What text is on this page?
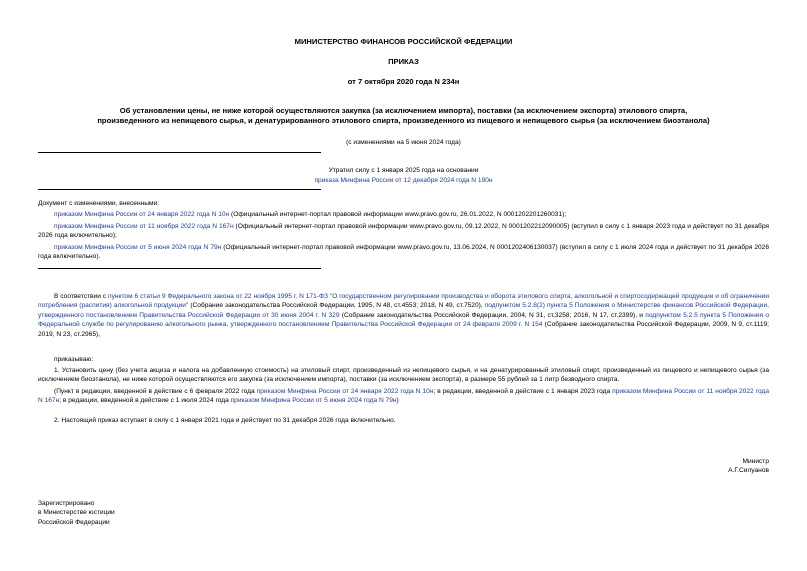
МИНИСТЕРСТВО ФИНАНСОВ РОССИЙСКОЙ ФЕДЕРАЦИИ
ПРИКАЗ
от 7 октября 2020 года N 234н
Об установлении цены, не ниже которой осуществляются закупка (за исключением импорта), поставки (за исключением экспорта) этилового спирта,
произведенного из непищевого сырья, и денатурированного этилового спирта, произведенного из пищевого и непищевого сырья (за исключением биоэтанола)
(с изменениями на 5 июня 2024 года)
Утратил силу с 1 января 2025 года на основании
приказа Минфина России от 12 декабря 2024 года N 190н
Документ с изменениями, внесенными:
приказом Минфина России от 24 января 2022 года N 10н (Официальный интернет-портал правовой информации www.pravo.gov.ru, 26.01.2022, N 0001202201260031);
приказом Минфина России от 11 ноября 2022 года N 167н (Официальный интернет-портал правовой информации www.pravo.gov.ru, 09.12.2022, N 0001202212090005) (вступил в силу с 1 января 2023 года и действует по 31 декабря 2026 года включительно);
приказом Минфина России от 5 июня 2024 года N 79н (Официальный интернет-портал правовой информации www.pravo.gov.ru, 13.06.2024, N 0001202406130037) (вступил в силу с 1 июля 2024 года и действует по 31 декабря 2026 года включительно).
В соответствии с пунктом 6 статьи 9 Федерального закона от 22 ноября 1995 г. N 171-ФЗ "О государственном регулировании производства и оборота этилового спирта, алкогольной и спиртосодержащей продукции и об ограничении потребления (распития) алкогольной продукции" (Собрание законодательства Российской Федерации, 1995, N 48, ст.4553; 2018, N 49, ст.7520), подпунктом 5.2.8(2) пункта 5 Положения о Министерстве финансов Российской Федерации, утвержденного постановлением Правительства Российской Федерации от 30 июня 2004 г. N 329 (Собрание законодательства Российской Федерации, 2004, N 31, ст.3258; 2016, N 17, ст.2399), и подпунктом 5.2.5 пункта 5 Положения о Федеральной службе по регулированию алкогольного рынка, утвержденного постановлением Правительства Российской Федерации от 24 февраля 2009 г. N 154 (Собрание законодательства Российской Федерации, 2009, N 9, ст.1119; 2019, N 23, ст.2965),
приказываю:
1. Установить цену (без учета акциза и налога на добавленную стоимость) на этиловый спирт, произведенный из непищевого сырья, и на денатурированный этиловый спирт, произведенный из пищевого и непищевого сырья (за исключением биоэтанола), не ниже которой осуществляются его закупка (за исключением импорта), поставки (за исключением экспорта), в размере 55 рублей за 1 литр безводного спирта.
(Пункт в редакции, введенной в действие с 6 февраля 2022 года приказом Минфина России от 24 января 2022 года N 10н; в редакции, введенной в действие с 1 января 2023 года приказом Минфина России от 11 ноября 2022 года N 167н; в редакции, введенной в действие с 1 июля 2024 года приказом Минфина России от 5 июня 2024 года N 79н)
2. Настоящий приказ вступает в силу с 1 января 2021 года и действует по 31 декабря 2026 года включительно.
Министр
А.Г.Силуанов
Зарегистрировано
в Министерстве юстиции
Российской Федерации
